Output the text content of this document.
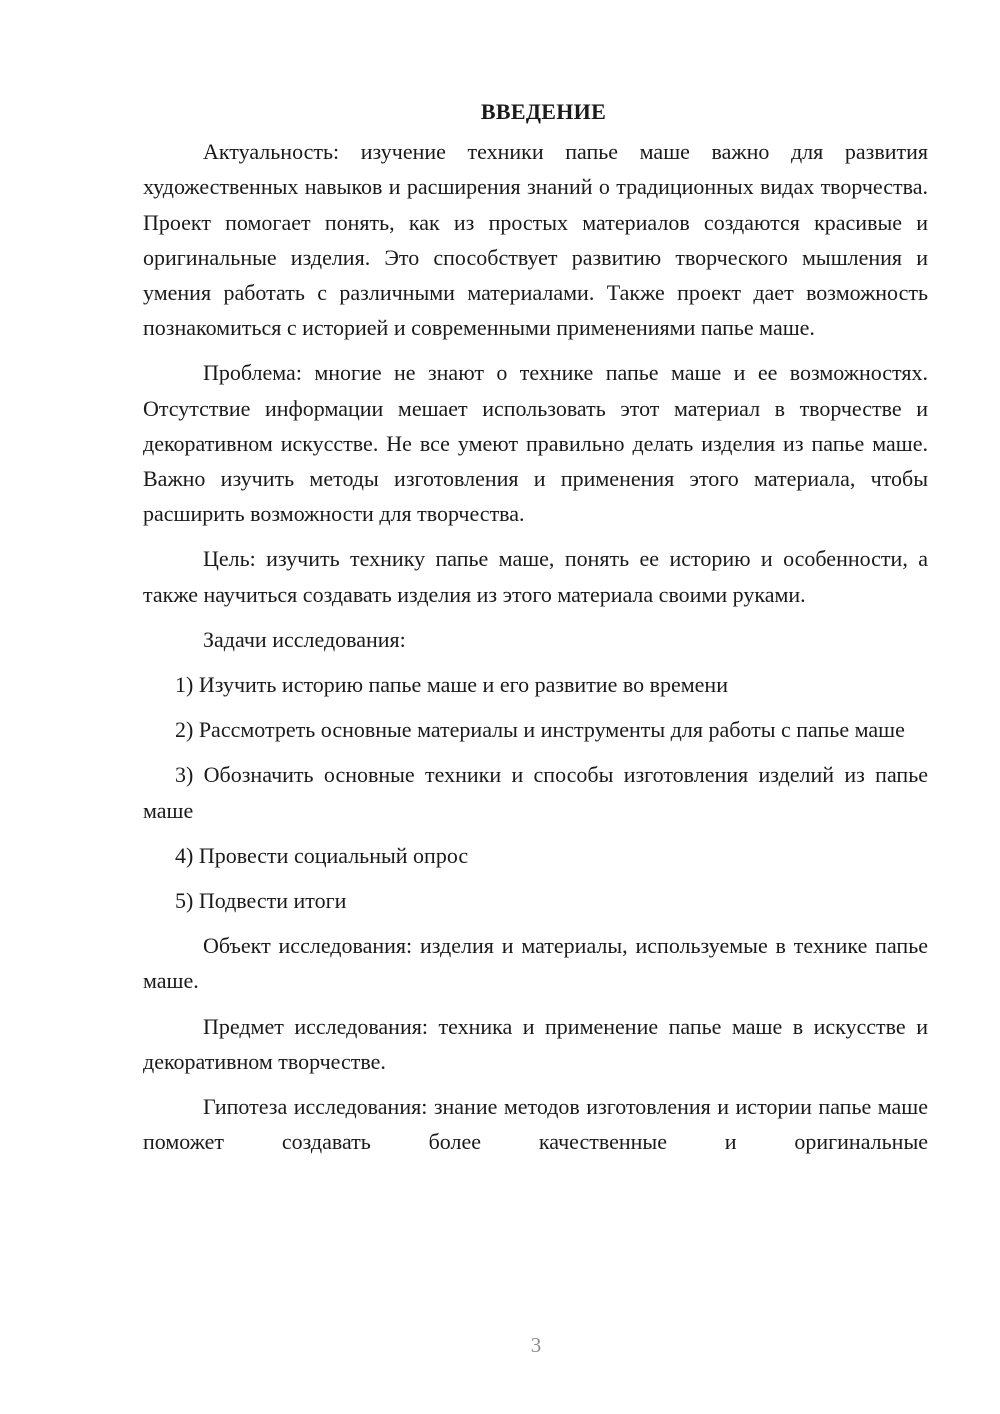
ВВЕДЕНИЕ

Актуальность: изучение техники папье маше важно для развития художественных навыков и расширения знаний о традиционных видах творчества. Проект помогает понять, как из простых материалов создаются красивые и оригинальные изделия. Это способствует развитию творческого мышления и умения работать с различными материалами. Также проект дает возможность познакомиться с историей и современными применениями папье маше.

Проблема: многие не знают о технике папье маше и ее возможностях. Отсутствие информации мешает использовать этот материал в творчестве и декоративном искусстве. Не все умеют правильно делать изделия из папье маше. Важно изучить методы изготовления и применения этого материала, чтобы расширить возможности для творчества.

Цель: изучить технику папье маше, понять ее историю и особенности, а также научиться создавать изделия из этого материала своими руками.

Задачи исследования:

1) Изучить историю папье маше и его развитие во времени

2) Рассмотреть основные материалы и инструменты для работы с папье маше

3) Обозначить основные техники и способы изготовления изделий из папье маше

4) Провести социальный опрос

5) Подвести итоги

Объект исследования: изделия и материалы, используемые в технике папье маше.

Предмет исследования: техника и применение папье маше в искусстве и декоративном творчестве.

Гипотеза исследования: знание методов изготовления и истории папье маше поможет создавать более качественные и оригинальные

3
